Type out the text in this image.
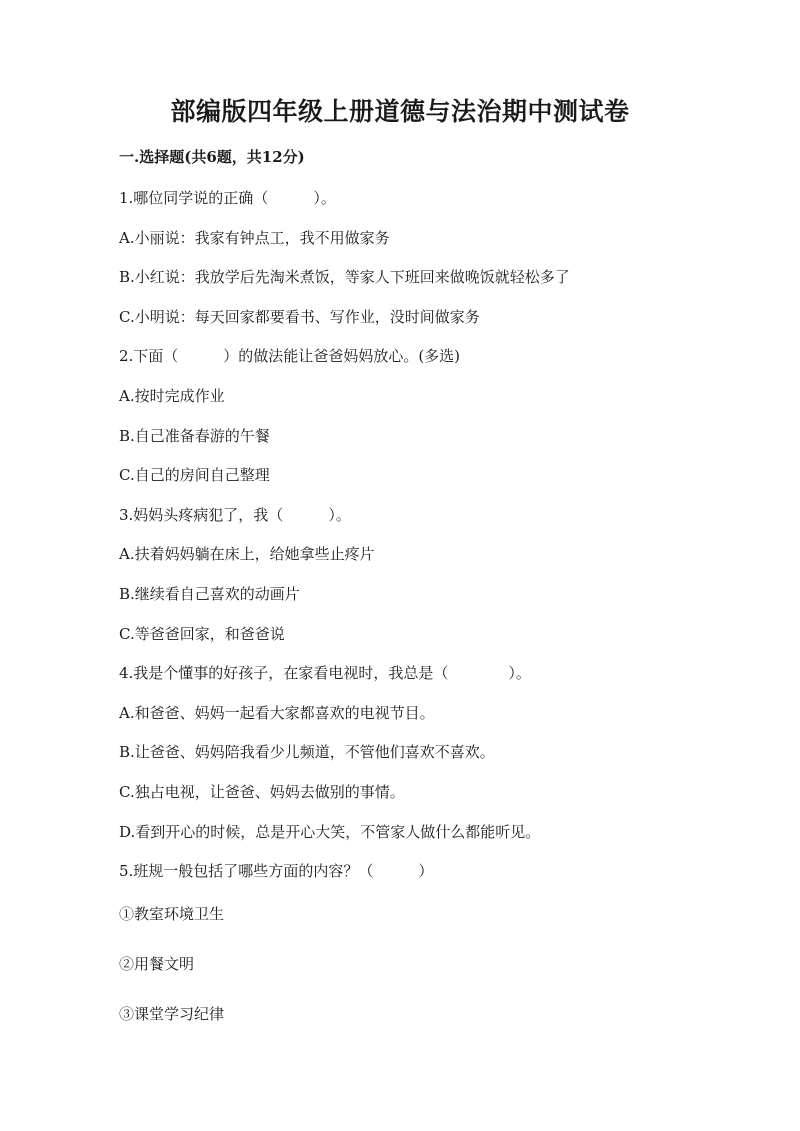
部编版四年级上册道德与法治期中测试卷
一.选择题(共6题，共12分)
1.哪位同学说的正确（　　　）。
A.小丽说：我家有钟点工，我不用做家务
B.小红说：我放学后先淘米煮饭，等家人下班回来做晚饭就轻松多了
C.小明说：每天回家都要看书、写作业，没时间做家务
2.下面（　　　）的做法能让爸爸妈妈放心。(多选)
A.按时完成作业
B.自己准备春游的午餐
C.自己的房间自己整理
3.妈妈头疼病犯了，我（　　　）。
A.扶着妈妈躺在床上，给她拿些止疼片
B.继续看自己喜欢的动画片
C.等爸爸回家，和爸爸说
4.我是个懂事的好孩子，在家看电视时，我总是（　　　　）。
A.和爸爸、妈妈一起看大家都喜欢的电视节目。
B.让爸爸、妈妈陪我看少儿频道，不管他们喜欢不喜欢。
C.独占电视，让爸爸、妈妈去做别的事情。
D.看到开心的时候，总是开心大笑，不管家人做什么都能听见。
5.班规一般包括了哪些方面的内容？（　　　）
①教室环境卫生
②用餐文明
③课堂学习纪律
